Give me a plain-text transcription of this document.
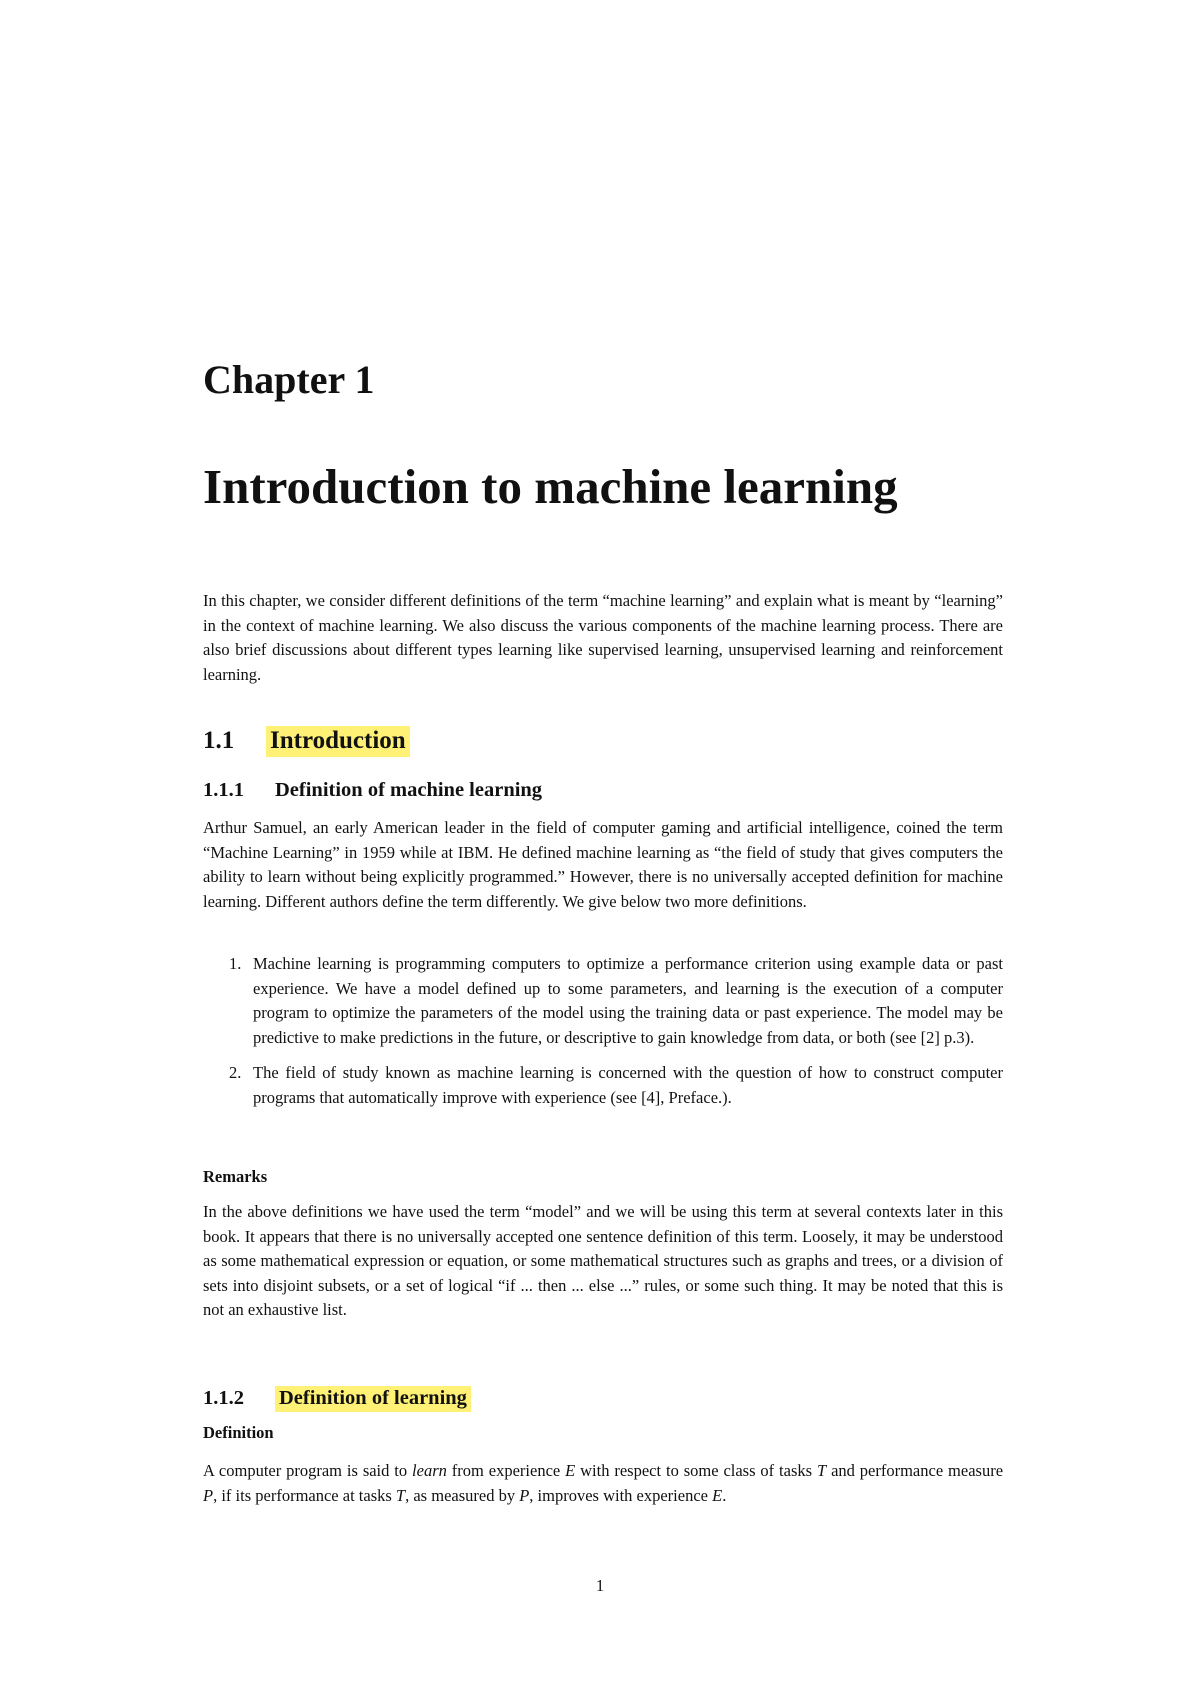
Chapter 1
Introduction to machine learning

In this chapter, we consider different definitions of the term “machine learning” and explain what is meant by “learning” in the context of machine learning. We also discuss the various components of the machine learning process. There are also brief discussions about different types learning like supervised learning, unsupervised learning and reinforcement learning.

1.1 Introduction
1.1.1 Definition of machine learning

Arthur Samuel, an early American leader in the field of computer gaming and artificial intelligence, coined the term “Machine Learning” in 1959 while at IBM. He defined machine learning as “the field of study that gives computers the ability to learn without being explicitly programmed.” However, there is no universally accepted definition for machine learning. Different authors define the term differently. We give below two more definitions.

1. Machine learning is programming computers to optimize a performance criterion using example data or past experience. We have a model defined up to some parameters, and learning is the execution of a computer program to optimize the parameters of the model using the training data or past experience. The model may be predictive to make predictions in the future, or descriptive to gain knowledge from data, or both (see [2] p.3).
2. The field of study known as machine learning is concerned with the question of how to construct computer programs that automatically improve with experience (see [4], Preface.).
Remarks

In the above definitions we have used the term “model” and we will be using this term at several contexts later in this book. It appears that there is no universally accepted one sentence definition of this term. Loosely, it may be understood as some mathematical expression or equation, or some mathematical structures such as graphs and trees, or a division of sets into disjoint subsets, or a set of logical “if ... then ... else ...” rules, or some such thing. It may be noted that this is not an exhaustive list.

1.1.2 Definition of learning
Definition

A computer program is said to learn from experience E with respect to some class of tasks T and performance measure P, if its performance at tasks T, as measured by P, improves with experience E.

1
